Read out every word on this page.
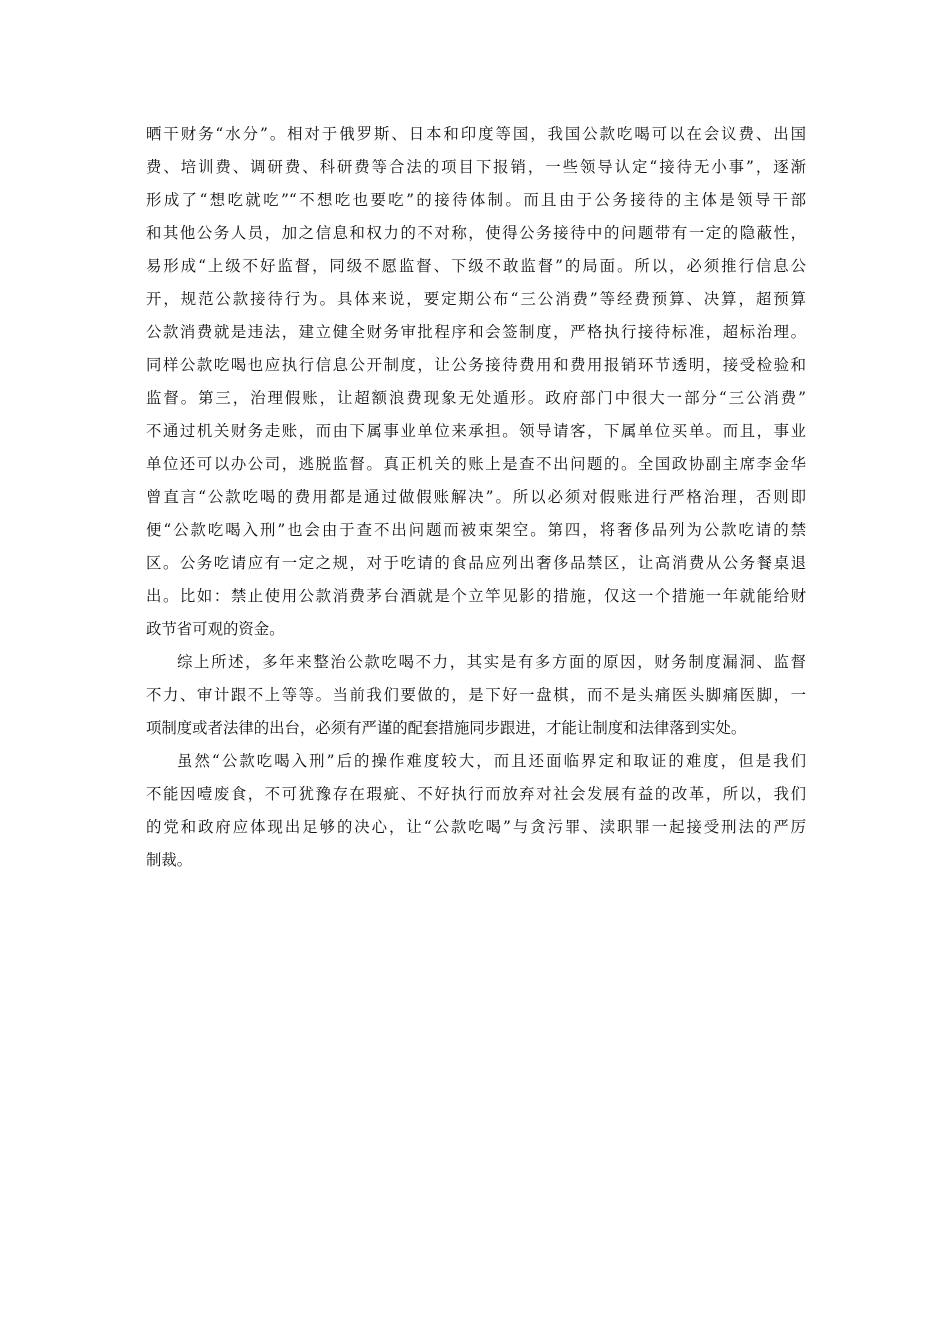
晒干财务“水分”。相对于俄罗斯、日本和印度等国，我国公款吃喝可以在会议费、出国
费、培训费、调研费、科研费等合法的项目下报销，一些领导认定“接待无小事”，逐渐
形成了“想吃就吃”“不想吃也要吃”的接待体制。而且由于公务接待的主体是领导干部
和其他公务人员，加之信息和权力的不对称，使得公务接待中的问题带有一定的隐蔽性，
易形成“上级不好监督，同级不愿监督、下级不敢监督”的局面。所以，必须推行信息公
开，规范公款接待行为。具体来说，要定期公布“三公消费”等经费预算、决算，超预算
公款消费就是违法，建立健全财务审批程序和会签制度，严格执行接待标准，超标治理。
同样公款吃喝也应执行信息公开制度，让公务接待费用和费用报销环节透明，接受检验和
监督。第三，治理假账，让超额浪费现象无处遁形。政府部门中很大一部分“三公消费”
不通过机关财务走账，而由下属事业单位来承担。领导请客，下属单位买单。而且，事业
单位还可以办公司，逃脱监督。真正机关的账上是查不出问题的。全国政协副主席李金华
曾直言“公款吃喝的费用都是通过做假账解决”。所以必须对假账进行严格治理，否则即
便“公款吃喝入刑”也会由于查不出问题而被束架空。第四，将奢侈品列为公款吃请的禁
区。公务吃请应有一定之规，对于吃请的食品应列出奢侈品禁区，让高消费从公务餐桌退
出。比如：禁止使用公款消费茅台酒就是个立竿见影的措施，仅这一个措施一年就能给财
政节省可观的资金。
综上所述，多年来整治公款吃喝不力，其实是有多方面的原因，财务制度漏洞、监督
不力、审计跟不上等等。当前我们要做的，是下好一盘棋，而不是头痛医头脚痛医脚，一
项制度或者法律的出台，必须有严谨的配套措施同步跟进，才能让制度和法律落到实处。
虽然“公款吃喝入刑”后的操作难度较大，而且还面临界定和取证的难度，但是我们
不能因噎废食，不可犹豫存在瑕疵、不好执行而放弃对社会发展有益的改革，所以，我们
的党和政府应体现出足够的决心，让“公款吃喝”与贪污罪、渎职罪一起接受刑法的严厉
制裁。
